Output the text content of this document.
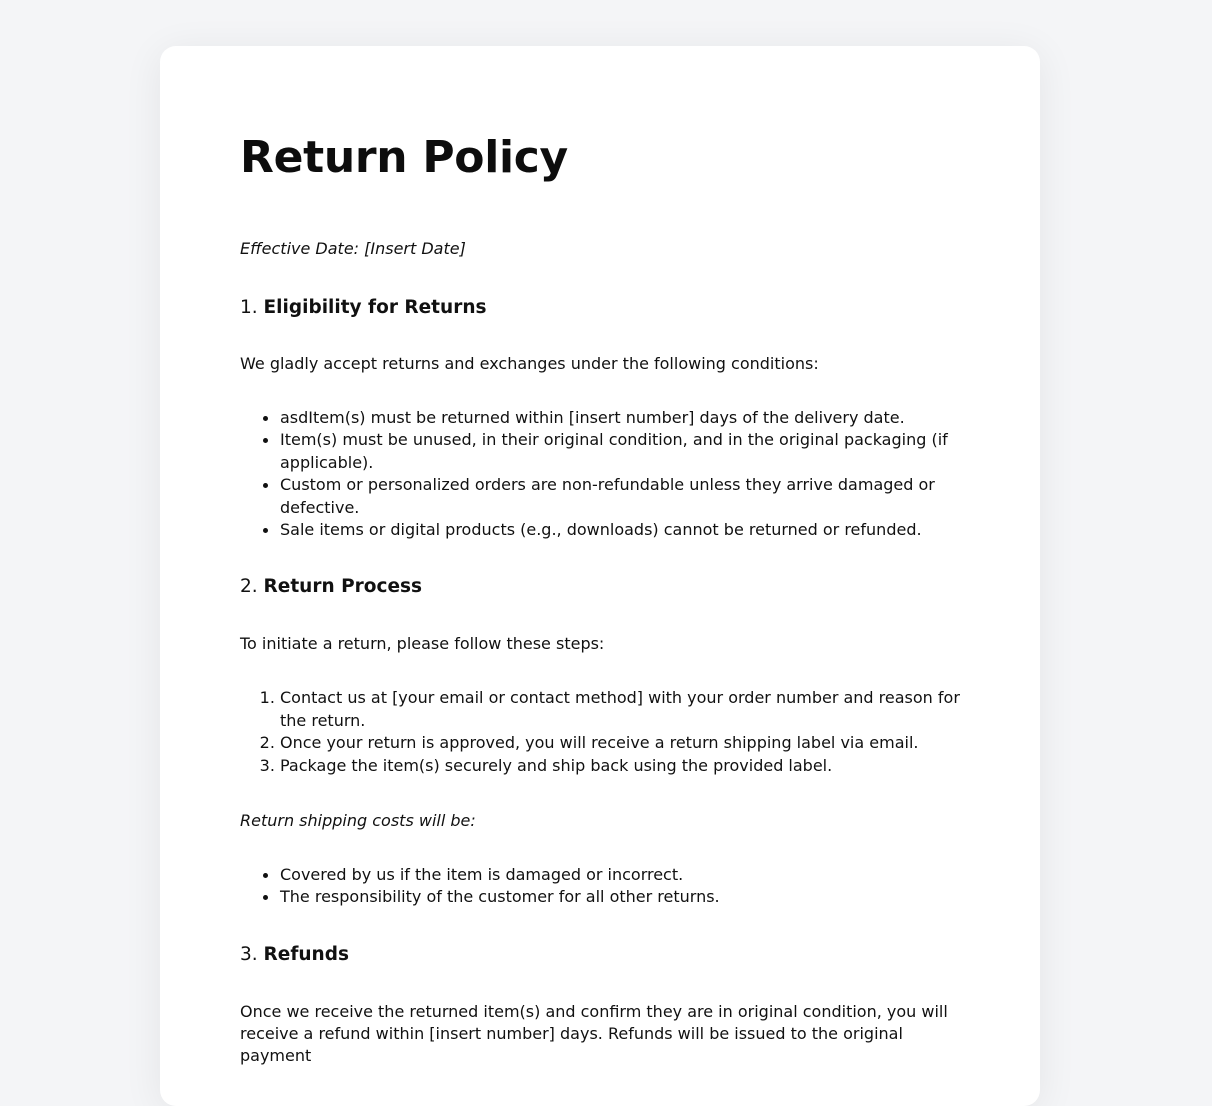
Return Policy

Effective Date: [Insert Date]

1. Eligibility for Returns

We gladly accept returns and exchanges under the following conditions:

• asdItem(s) must be returned within [insert number] days of the delivery date.
• Item(s) must be unused, in their original condition, and in the original packaging (if applicable).
• Custom or personalized orders are non-refundable unless they arrive damaged or defective.
• Sale items or digital products (e.g., downloads) cannot be returned or refunded.
2. Return Process

To initiate a return, please follow these steps:

1. Contact us at [your email or contact method] with your order number and reason for the return.
2. Once your return is approved, you will receive a return shipping label via email.
3. Package the item(s) securely and ship back using the provided label.

Return shipping costs will be:

• Covered by us if the item is damaged or incorrect.
• The responsibility of the customer for all other returns.
3. Refunds

Once we receive the returned item(s) and confirm they are in original condition, you will receive a refund within [insert number] days. Refunds will be issued to the original payment
